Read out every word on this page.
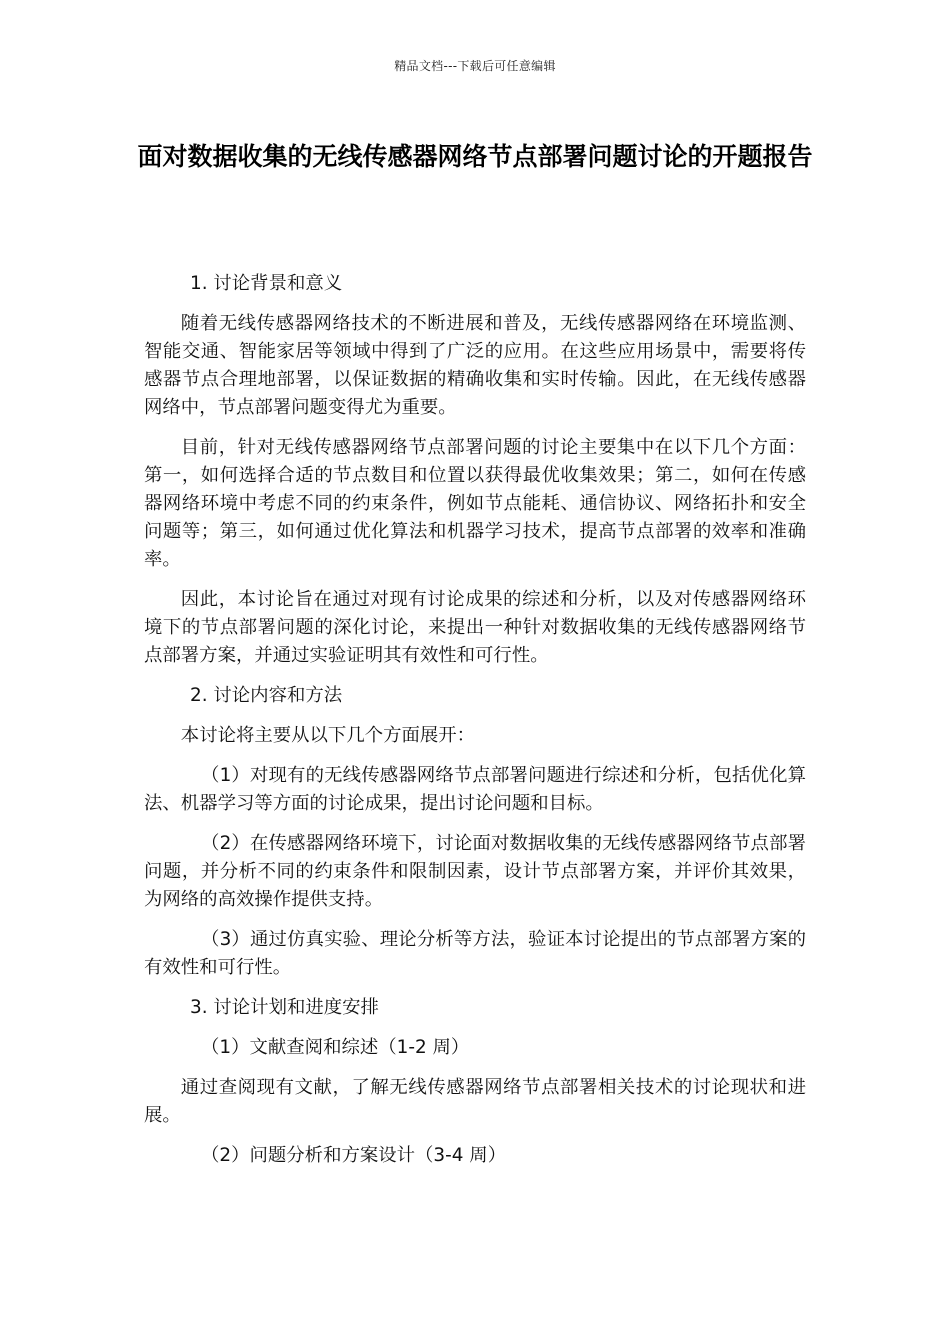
精品文档---下载后可任意编辑
面对数据收集的无线传感器网络节点部署问题讨论的开题报告

1. 讨论背景和意义

随着无线传感器网络技术的不断进展和普及，无线传感器网络在环境监测、智能交通、智能家居等领域中得到了广泛的应用。在这些应用场景中，需要将传感器节点合理地部署，以保证数据的精确收集和实时传输。因此，在无线传感器网络中，节点部署问题变得尤为重要。

目前，针对无线传感器网络节点部署问题的讨论主要集中在以下几个方面：第一，如何选择合适的节点数目和位置以获得最优收集效果；第二，如何在传感器网络环境中考虑不同的约束条件，例如节点能耗、通信协议、网络拓扑和安全问题等；第三，如何通过优化算法和机器学习技术，提高节点部署的效率和准确率。

因此，本讨论旨在通过对现有讨论成果的综述和分析，以及对传感器网络环境下的节点部署问题的深化讨论，来提出一种针对数据收集的无线传感器网络节点部署方案，并通过实验证明其有效性和可行性。

2. 讨论内容和方法

本讨论将主要从以下几个方面展开：

（1）对现有的无线传感器网络节点部署问题进行综述和分析，包括优化算法、机器学习等方面的讨论成果，提出讨论问题和目标。

（2）在传感器网络环境下，讨论面对数据收集的无线传感器网络节点部署问题，并分析不同的约束条件和限制因素，设计节点部署方案，并评价其效果，为网络的高效操作提供支持。

（3）通过仿真实验、理论分析等方法，验证本讨论提出的节点部署方案的有效性和可行性。

3. 讨论计划和进度安排

（1）文献查阅和综述（1-2 周）

通过查阅现有文献，了解无线传感器网络节点部署相关技术的讨论现状和进展。

（2）问题分析和方案设计（3-4 周）
